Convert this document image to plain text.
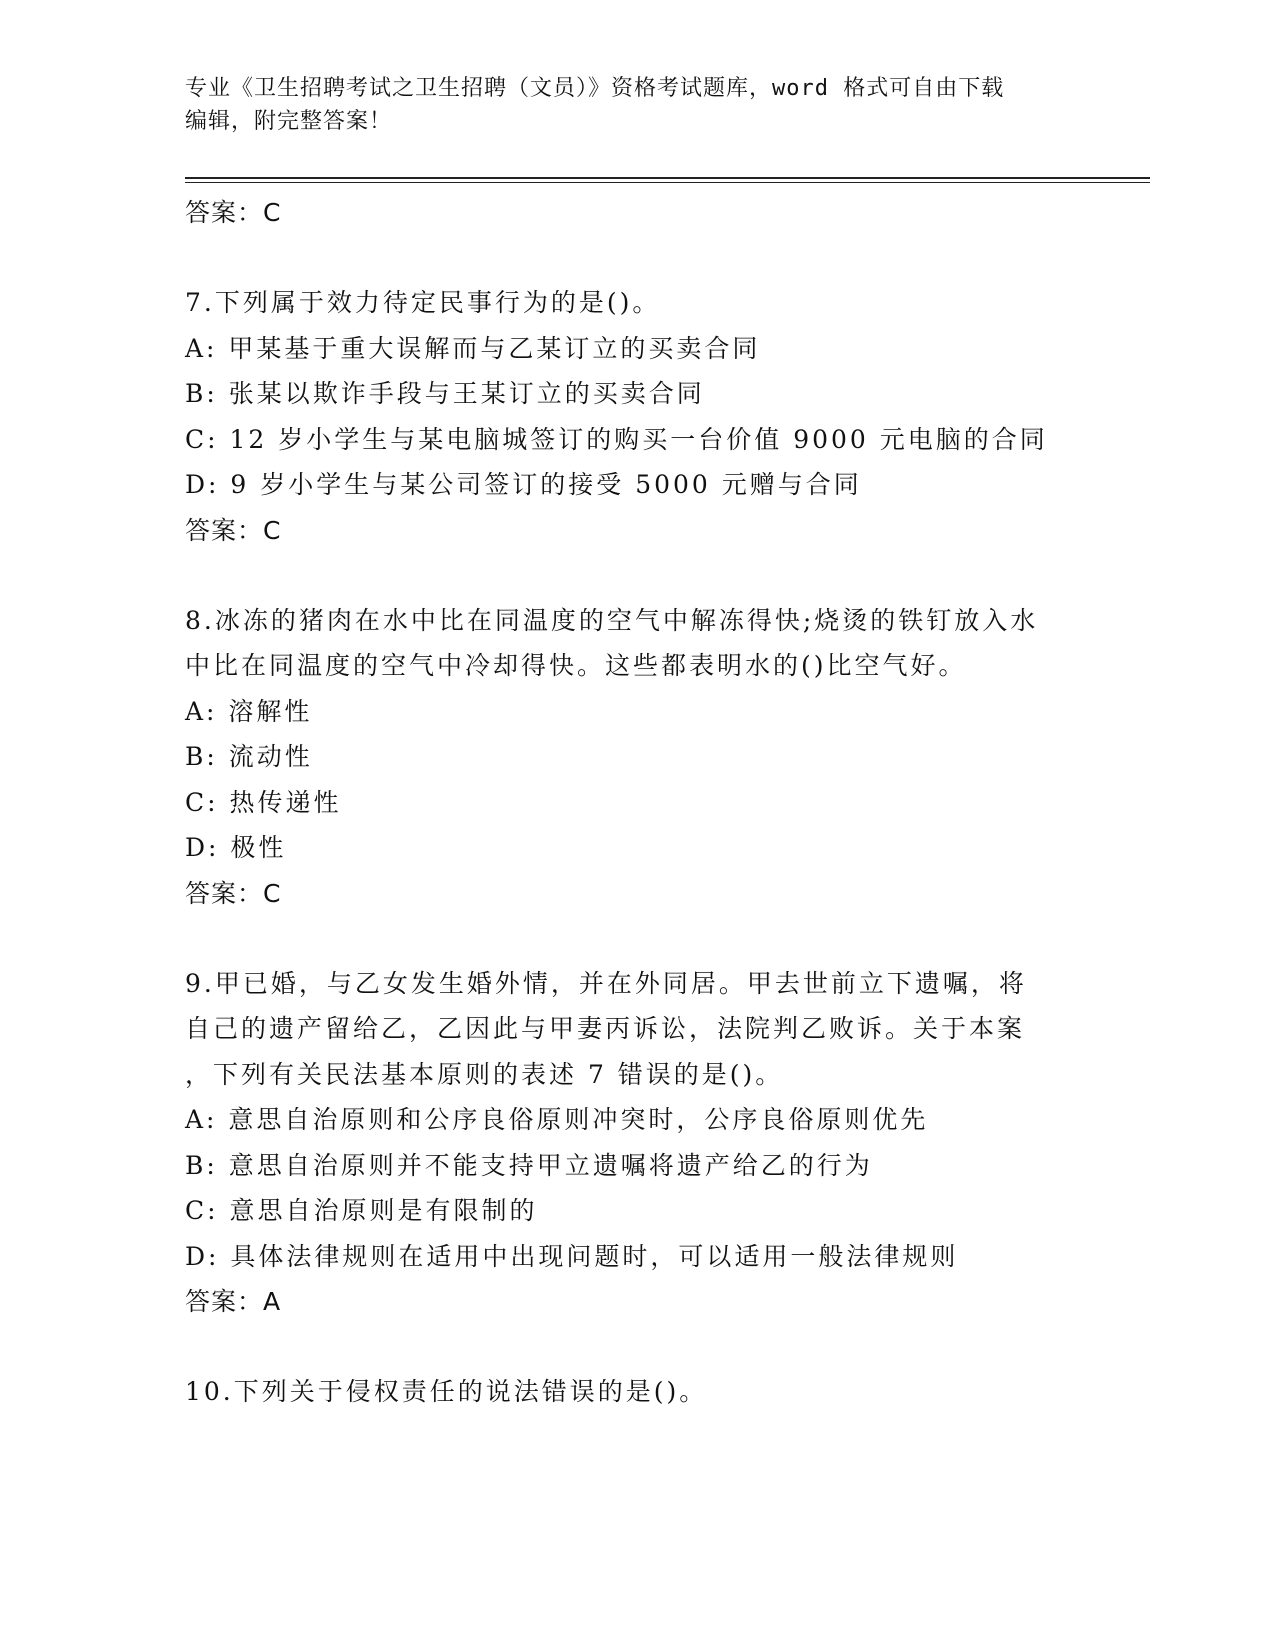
专业《卫生招聘考试之卫生招聘（文员）》资格考试题库，word 格式可自由下载
编辑，附完整答案！
答案：C
7.下列属于效力待定民事行为的是()。
A: 甲某基于重大误解而与乙某订立的买卖合同
B: 张某以欺诈手段与王某订立的买卖合同
C: 12 岁小学生与某电脑城签订的购买一台价值 9000 元电脑的合同
D: 9 岁小学生与某公司签订的接受 5000 元赠与合同
答案：C
8.冰冻的猪肉在水中比在同温度的空气中解冻得快;烧烫的铁钉放入水
中比在同温度的空气中冷却得快。这些都表明水的()比空气好。
A: 溶解性
B: 流动性
C: 热传递性
D: 极性
答案：C
9.甲已婚，与乙女发生婚外情，并在外同居。甲去世前立下遗嘱，将
自己的遗产留给乙，乙因此与甲妻丙诉讼，法院判乙败诉。关于本案
，下列有关民法基本原则的表述 7 错误的是()。
A: 意思自治原则和公序良俗原则冲突时，公序良俗原则优先
B: 意思自治原则并不能支持甲立遗嘱将遗产给乙的行为
C: 意思自治原则是有限制的
D: 具体法律规则在适用中出现问题时，可以适用一般法律规则
答案：A
10.下列关于侵权责任的说法错误的是()。
